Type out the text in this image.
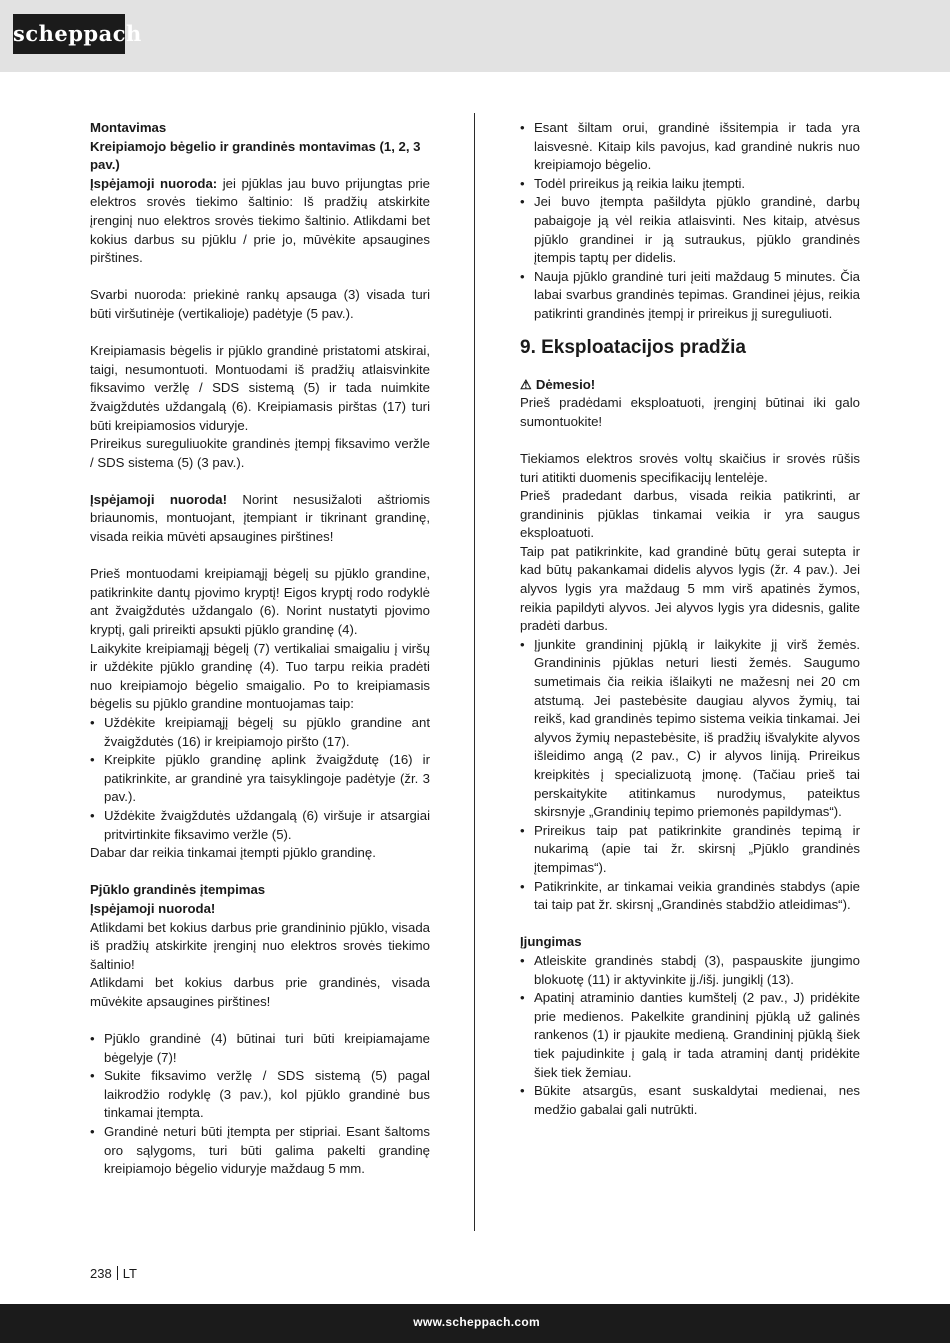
scheppach

Montavimas

Kreipiamojo bėgelio ir grandinės montavimas (1, 2, 3 pav.)

Įspėjamoji nuoroda: jei pjūklas jau buvo prijungtas prie elektros srovės tiekimo šaltinio: Iš pradžių atskirkite įrenginį nuo elektros srovės tiekimo šaltinio. Atlikdami bet kokius darbus su pjūklu / prie jo, mūvėkite apsaugines pirštines.

Svarbi nuoroda: priekinė rankų apsauga (3) visada turi būti viršutinėje (vertikalioje) padėtyje (5 pav.).

Kreipiamasis bėgelis ir pjūklo grandinė pristatomi atskirai, taigi, nesumontuoti. Montuodami iš pradžių atlaisvinkite fiksavimo veržlę / SDS sistemą (5) ir tada nuimkite žvaigždutės uždangalą (6). Kreipiamasis pirštas (17) turi būti kreipiamosios viduryje.

Prireikus sureguliuokite grandinės įtempį fiksavimo veržle / SDS sistema (5) (3 pav.).

Įspėjamoji nuoroda! Norint nesusižaloti aštriomis briaunomis, montuojant, įtempiant ir tikrinant grandinę, visada reikia mūvėti apsaugines pirštines!

Prieš montuodami kreipiamąjį bėgelį su pjūklo grandine, patikrinkite dantų pjovimo kryptį! Eigos kryptį rodo rodyklė ant žvaigždutės uždangalo (6). Norint nustatyti pjovimo kryptį, gali prireikti apsukti pjūklo grandinę (4).

Laikykite kreipiamąjį bėgelį (7) vertikaliai smaigaliu į viršų ir uždėkite pjūklo grandinę (4). Tuo tarpu reikia pradėti nuo kreipiamojo bėgelio smaigalio. Po to kreipiamasis bėgelis su pjūklo grandine montuojamas taip:

• Uždėkite kreipiamąjį bėgelį su pjūklo grandine ant žvaigždutės (16) ir kreipiamojo piršto (17).
• Kreipkite pjūklo grandinę aplink žvaigždutę (16) ir patikrinkite, ar grandinė yra taisyklingoje padėtyje (žr. 3 pav.).
• Uždėkite žvaigždutės uždangalą (6) viršuje ir atsargiai pritvirtinkite fiksavimo veržle (5).

Dabar dar reikia tinkamai įtempti pjūklo grandinę.

Pjūklo grandinės įtempimas

Įspėjamoji nuoroda!

Atlikdami bet kokius darbus prie grandininio pjūklo, visada iš pradžių atskirkite įrenginį nuo elektros srovės tiekimo šaltinio!

Atlikdami bet kokius darbus prie grandinės, visada mūvėkite apsaugines pirštines!

• Pjūklo grandinė (4) būtinai turi būti kreipiamajame bėgelyje (7)!
• Sukite fiksavimo veržlę / SDS sistemą (5) pagal laikrodžio rodyklę (3 pav.), kol pjūklo grandinė bus tinkamai įtempta.
• Grandinė neturi būti įtempta per stipriai. Esant šaltoms oro sąlygoms, turi būti galima pakelti grandinę kreipiamojo bėgelio viduryje maždaug 5 mm.
• Esant šiltam orui, grandinė išsitempia ir tada yra laisvesnė. Kitaip kils pavojus, kad grandinė nukris nuo kreipiamojo bėgelio.
• Todėl prireikus ją reikia laiku įtempti.
• Jei buvo įtempta pašildyta pjūklo grandinė, darbų pabaigoje ją vėl reikia atlaisvinti. Nes kitaip, atvėsus pjūklo grandinei ir ją sutraukus, pjūklo grandinės įtempis taptų per didelis.
• Nauja pjūklo grandinė turi įeiti maždaug 5 minutes. Čia labai svarbus grandinės tepimas. Grandinei įėjus, reikia patikrinti grandinės įtempį ir prireikus jį sureguliuoti.
9. Eksploatacijos pradžia

⚠ Dėmesio!

Prieš pradėdami eksploatuoti, įrenginį būtinai iki galo sumontuokite!

Tiekiamos elektros srovės voltų skaičius ir srovės rūšis turi atitikti duomenis specifikacijų lentelėje.

Prieš pradedant darbus, visada reikia patikrinti, ar grandininis pjūklas tinkamai veikia ir yra saugus eksploatuoti.

Taip pat patikrinkite, kad grandinė būtų gerai sutepta ir kad būtų pakankamai didelis alyvos lygis (žr. 4 pav.). Jei alyvos lygis yra maždaug 5 mm virš apatinės žymos, reikia papildyti alyvos. Jei alyvos lygis yra didesnis, galite pradėti darbus.

• Įjunkite grandininį pjūklą ir laikykite jį virš žemės. Grandininis pjūklas neturi liesti žemės. Saugumo sumetimais čia reikia išlaikyti ne mažesnį nei 20 cm atstumą. Jei pastebėsite daugiau alyvos žymių, tai reikš, kad grandinės tepimo sistema veikia tinkamai. Jei alyvos žymių nepastebėsite, iš pradžių išvalykite alyvos išleidimo angą (2 pav., C) ir alyvos liniją. Prireikus kreipkitės į specializuotą įmonę. (Tačiau prieš tai perskaitykite atitinkamus nurodymus, pateiktus skirsnyje „Grandinių tepimo priemonės papildymas“).
• Prireikus taip pat patikrinkite grandinės tepimą ir nukarimą (apie tai žr. skirsnį „Pjūklo grandinės įtempimas“).
• Patikrinkite, ar tinkamai veikia grandinės stabdys (apie tai taip pat žr. skirsnį „Grandinės stabdžio atleidimas“).

Įjungimas

• Atleiskite grandinės stabdį (3), paspauskite įjungimo blokuotę (11) ir aktyvinkite įj./išj. jungiklį (13).
• Apatinį atraminio danties kumštelį (2 pav., J) pridėkite prie medienos. Pakelkite grandininį pjūklą už galinės rankenos (1) ir pjaukite medieną. Grandininį pjūklą šiek tiek pajudinkite į galą ir tada atraminį dantį pridėkite šiek tiek žemiau.
• Būkite atsargūs, esant suskaldytai medienai, nes medžio gabalai gali nutrūkti.
238 LT
www.scheppach.com
